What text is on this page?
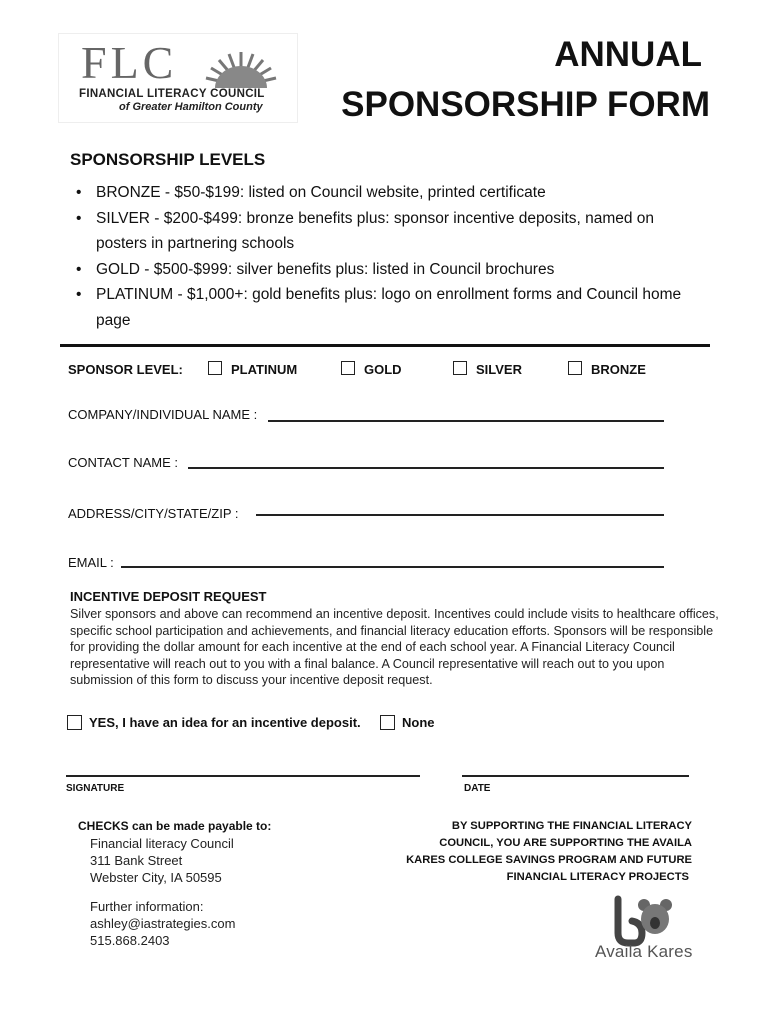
FLC
FINANCIAL LITERACY COUNCIL
of Greater Hamilton County
ANNUAL
SPONSORSHIP FORM
SPONSORSHIP LEVELS
• BRONZE - $50-$199: listed on Council website, printed certificate
• SILVER - $200-$499: bronze benefits plus: sponsor incentive deposits, named on posters in partnering schools
• GOLD - $500-$999: silver benefits plus: listed in Council brochures
• PLATINUM - $1,000+: gold benefits plus: logo on enrollment forms and Council home page
SPONSOR LEVEL:	PLATINUM	GOLD	SILVER	BRONZE
COMPANY/INDIVIDUAL NAME :
CONTACT NAME :
ADDRESS/CITY/STATE/ZIP :
EMAIL :
INCENTIVE DEPOSIT REQUEST
Silver sponsors and above can recommend an incentive deposit. Incentives could include visits to healthcare offices, specific school participation and achievements, and financial literacy education efforts. Sponsors will be responsible for providing the dollar amount for each incentive at the end of each school year. A Financial Literacy Council representative will reach out to you with a final balance. A Council representative will reach out to you upon submission of this form to discuss your incentive deposit request.
YES, I have an idea for an incentive deposit.	None
SIGNATURE	DATE
CHECKS can be made payable to:
Financial literacy Council
311 Bank Street
Webster City, IA 50595
Further information:
ashley@iastrategies.com
515.868.2403
BY SUPPORTING THE FINANCIAL LITERACY
COUNCIL, YOU ARE SUPPORTING THE AVAILA
KARES COLLEGE SAVINGS PROGRAM AND FUTURE
FINANCIAL LITERACY PROJECTS
Availa Kares
